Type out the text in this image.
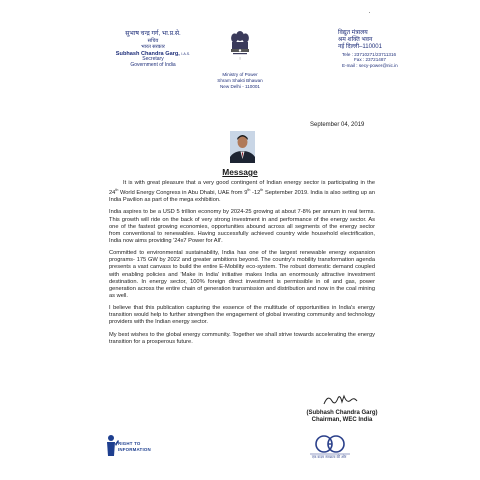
सुभाष चन्द्र गर्ग, भा.प्र.से.
सचिव
भारत सरकार
Subhash Chandra Garg, I.A.S.
Secretary
Government of India
|
Ministry of Power
Shram Shakti Bhawan
New Delhi - 110001
विद्युत मंत्रालय
श्रम शक्ति भवन
नई दिल्ली–110001
Tele : 23710271/23711316
Fax : 23721487
E-mail : secy-power@nic.in
September 04, 2019
Message

It is with great pleasure that a very good contingent of Indian energy sector is participating in the 24th World Energy Congress in Abu Dhabi, UAE from 9th -12th September 2019. India is also setting up an India Pavilion as part of the mega exhibition.

India aspires to be a USD 5 trillion economy by 2024-25 growing at about 7-8% per annum in real terms. This growth will ride on the back of very strong investment in and performance of the energy sector. As one of the fastest growing economies, opportunities abound across all segments of the energy sector from conventional to renewables. Having successfully achieved country wide household electrification, India now aims providing '24x7 Power for All'.

Committed to environmental sustainability, India has one of the largest renewable energy expansion programs- 175 GW by 2022 and greater ambitions beyond. The country's mobility transformation agenda presents a vast canvass to build the entire E-Mobility eco-system. The robust domestic demand coupled with enabling policies and 'Make in India' initiative makes India an enormously attractive investment destination. In energy sector, 100% foreign direct investment is permissible in oil and gas, power generation across the entire chain of generation transmission and distribution and now in the coal mining as well.

I believe that this publication capturing the essence of the multitude of opportunities in India's energy transition would help to further strengthen the engagement of global investing community and technology providers with the Indian energy sector.

My best wishes to the global energy community. Together we shall strive towards accelerating the energy transition for a prosperous future.

(Subhash Chandra Garg)
Chairman, WEC India
RIGHT TO
INFORMATION
एक कदम स्वच्छता की ओर
